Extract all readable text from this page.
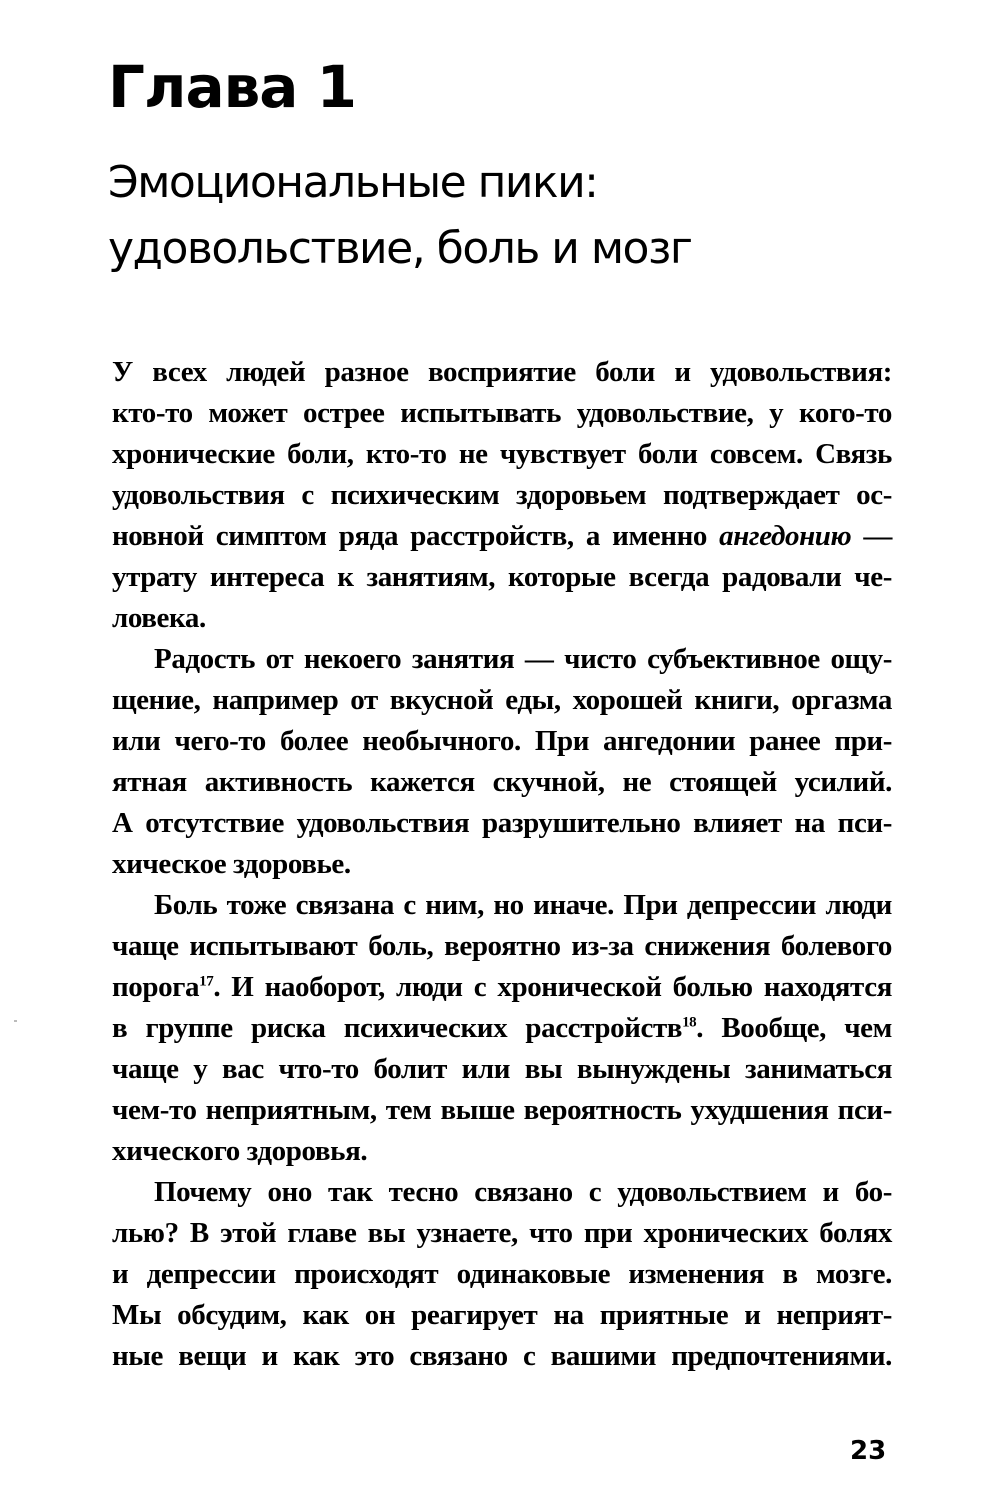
Глава 1
Эмоциональные пики:
удовольствие, боль и мозг

У всех людей разное восприятие боли и удовольствия:
кто-то может острее испытывать удовольствие, у кого-то
хронические боли, кто-то не чувствует боли совсем. Связь
удовольствия с психическим здоровьем подтверждает ос-
новной симптом ряда расстройств, а именно ангедонию —
утрату интереса к занятиям, которые всегда радовали че-
ловека.

Радость от некоего занятия — чисто субъективное ощу-
щение, например от вкусной еды, хорошей книги, оргазма
или чего-то более необычного. При ангедонии ранее при-
ятная активность кажется скучной, не стоящей усилий.
А отсутствие удовольствия разрушительно влияет на пси-
хическое здоровье.

Боль тоже связана с ним, но иначе. При депрессии люди
чаще испытывают боль, вероятно из-за снижения болевого
порога$^{17}$. И наоборот, люди с хронической болью находятся
в группе риска психических расстройств$^{18}$. Вообще, чем
чаще у вас что-то болит или вы вынуждены заниматься
чем-то неприятным, тем выше вероятность ухудшения пси-
хического здоровья.

Почему оно так тесно связано с удовольствием и бо-
лью? В этой главе вы узнаете, что при хронических болях
и депрессии происходят одинаковые изменения в мозге.
Мы обсудим, как он реагирует на приятные и неприят-
ные вещи и как это связано с вашими предпочтениями.

23
